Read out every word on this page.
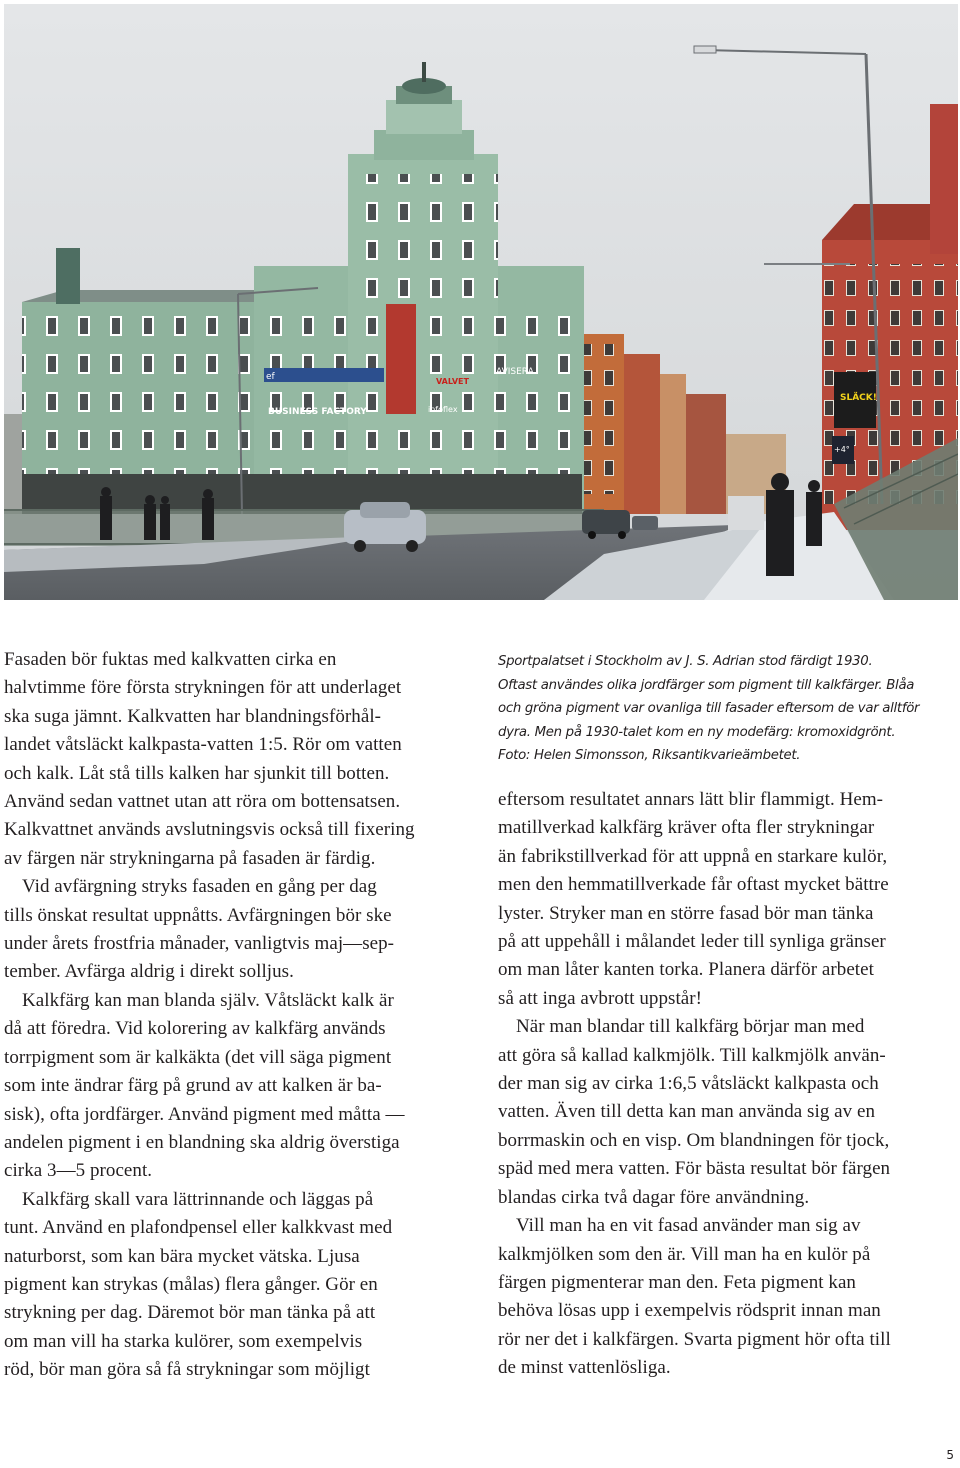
ef
BUSINESS FACTORY
AVISERA
VALVET
infoflex
SLÄCK!
+4°

Fasaden bör fuktas med kalkvatten cirka en
halvtimme före första strykningen för att underlaget
ska suga jämnt. Kalkvatten har blandningsförhål-
landet våtsläckt kalkpasta-vatten 1:5. Rör om vatten
och kalk. Låt stå tills kalken har sjunkit till botten.
Använd sedan vattnet utan att röra om bottensatsen.
Kalkvattnet används avslutningsvis också till fixering
av färgen när strykningarna på fasaden är färdig.

Vid avfärgning stryks fasaden en gång per dag
tills önskat resultat uppnåtts. Avfärgningen bör ske
under årets frostfria månader, vanligtvis maj—sep-
tember. Avfärga aldrig i direkt solljus.

Kalkfärg kan man blanda själv. Våtsläckt kalk är
då att föredra. Vid kolorering av kalkfärg används
torrpigment som är kalkäkta (det vill säga pigment
som inte ändrar färg på grund av att kalken är ba-
sisk), ofta jordfärger. Använd pigment med måtta —
andelen pigment i en blandning ska aldrig överstiga
cirka 3—5 procent.

Kalkfärg skall vara lättrinnande och läggas på
tunt. Använd en plafondpensel eller kalkkvast med
naturborst, som kan bära mycket vätska. Ljusa
pigment kan strykas (målas) flera gånger. Gör en
strykning per dag. Däremot bör man tänka på att
om man vill ha starka kulörer, som exempelvis
röd, bör man göra så få strykningar som möjligt

Sportpalatset i Stockholm av J. S. Adrian stod färdigt 1930.
Oftast användes olika jordfärger som pigment till kalkfärger. Blåa
och gröna pigment var ovanliga till fasader eftersom de var alltför
dyra. Men på 1930-talet kom en ny modefärg: kromoxidgrönt.
Foto: Helen Simonsson, Riksantikvarieämbetet.

eftersom resultatet annars lätt blir flammigt. Hem-
matillverkad kalkfärg kräver ofta fler strykningar
än fabrikstillverkad för att uppnå en starkare kulör,
men den hemmatillverkade får oftast mycket bättre
lyster. Stryker man en större fasad bör man tänka
på att uppehåll i målandet leder till synliga gränser
om man låter kanten torka. Planera därför arbetet
så att inga avbrott uppstår!

När man blandar till kalkfärg börjar man med
att göra så kallad kalkmjölk. Till kalkmjölk använ-
der man sig av cirka 1:6,5 våtsläckt kalkpasta och
vatten. Även till detta kan man använda sig av en
borrmaskin och en visp. Om blandningen för tjock,
späd med mera vatten. För bästa resultat bör färgen
blandas cirka två dagar före användning.

Vill man ha en vit fasad använder man sig av
kalkmjölken som den är. Vill man ha en kulör på
färgen pigmenterar man den. Feta pigment kan
behöva lösas upp i exempelvis rödsprit innan man
rör ner det i kalkfärgen. Svarta pigment hör ofta till
de minst vattenlösliga.

5
